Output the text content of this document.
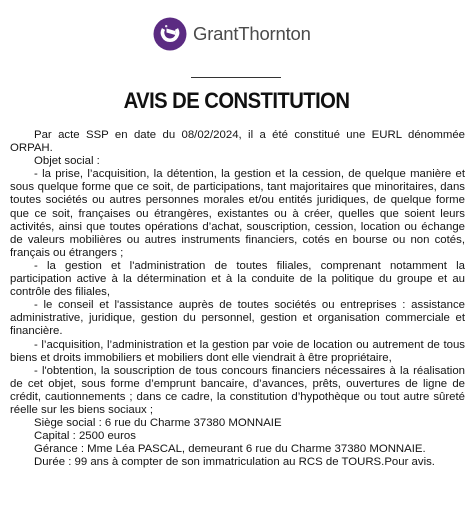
GrantThornton
AVIS DE CONSTITUTION

Par acte SSP en date du 08/02/2024, il a été constitué une EURL dénommée ORPAH.

Objet social :

- la prise, l’acquisition, la détention, la gestion et la cession, de quelque manière et sous quelque forme que ce soit, de participations, tant majoritaires que minoritaires, dans toutes sociétés ou autres personnes morales et/ou entités juridiques, de quelque forme que ce soit, françaises ou étrangères, existantes ou à créer, quelles que soient leurs activités, ainsi que toutes opérations d’achat, souscription, cession, location ou échange de valeurs mobilières ou autres instruments financiers, cotés en bourse ou non cotés, français ou étrangers ;

- la gestion et l'administration de toutes filiales, comprenant notamment la participation active à la détermination et à la conduite de la politique du groupe et au contrôle des filiales,

- le conseil et l'assistance auprès de toutes sociétés ou entreprises : assistance administrative, juridique, gestion du personnel, gestion et organisation commerciale et financière.

- l’acquisition, l’administration et la gestion par voie de location ou autrement de tous biens et droits immobiliers et mobiliers dont elle viendrait à être propriétaire,

- l'obtention, la souscription de tous concours financiers nécessaires à la réalisation de cet objet, sous forme d’emprunt bancaire, d’avances, prêts, ouvertures de ligne de crédit, cautionnements ; dans ce cadre, la constitution d’hypothèque ou tout autre sûreté réelle sur les biens sociaux ;

Siège social : 6 rue du Charme 37380 MONNAIE

Capital : 2500 euros

Gérance : Mme Léa PASCAL, demeurant 6 rue du Charme 37380 MONNAIE.

Durée : 99 ans à compter de son immatriculation au RCS de TOURS.Pour avis.
